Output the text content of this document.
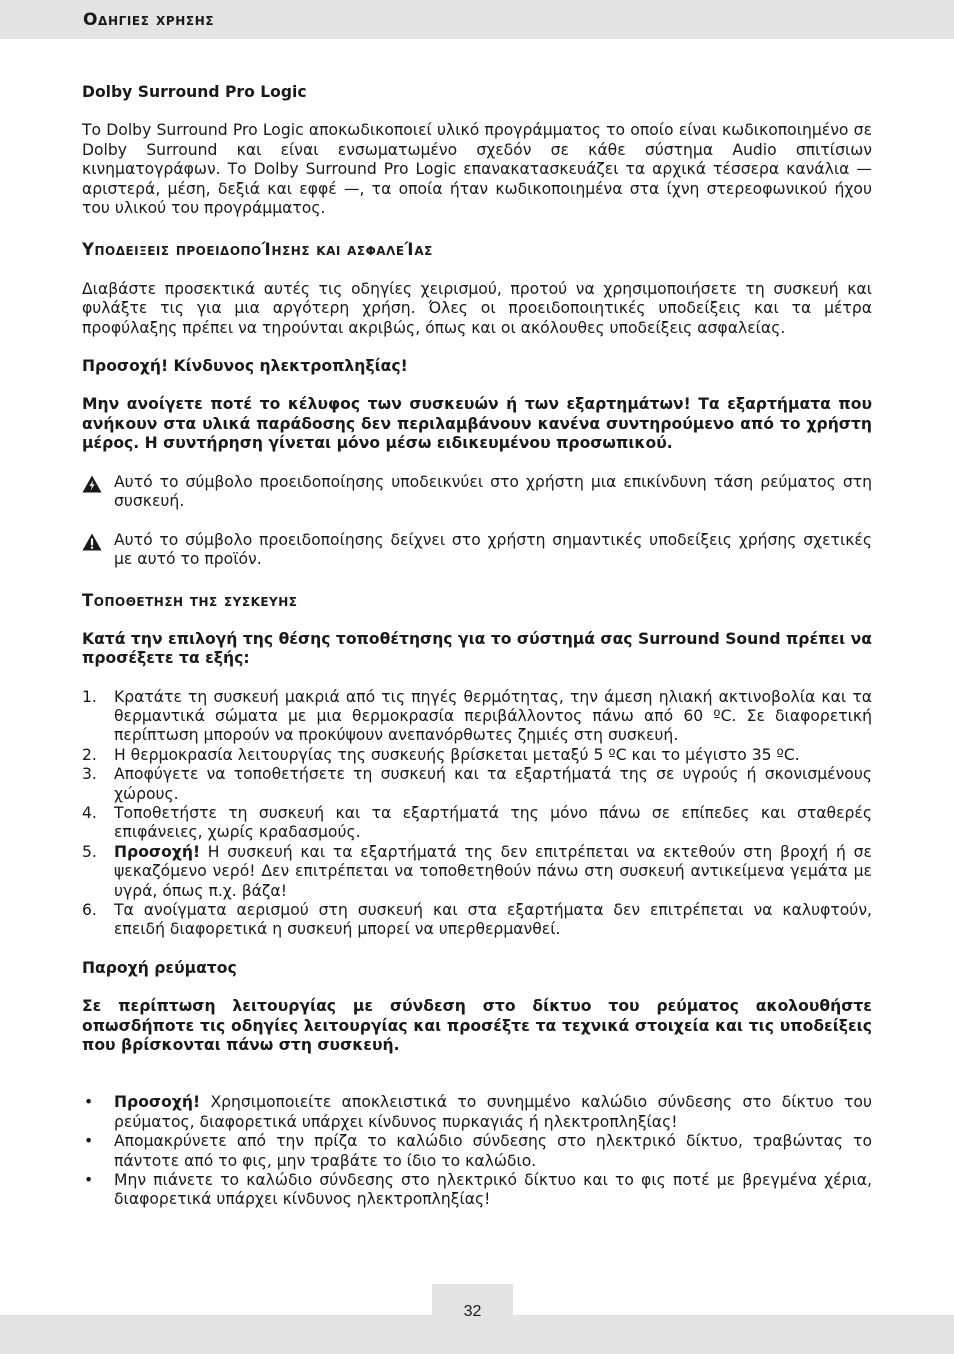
Οδηγιες χρησης

Dolby Surround Pro Logic

Το Dolby Surround Pro Logic αποκωδικοποιεί υλικό προγράμματος το οποίο είναι κωδικοποιημένο σε Dolby Surround και είναι ενσωματωμένο σχεδόν σε κάθε σύστημα Audio σπιτίσιων κινηματογράφων. Το Dolby Surround Pro Logic επανακατασκευάζει τα αρχικά τέσσερα κανάλια — αριστερά, μέση, δεξιά και εφφέ —, τα οποία ήταν κωδικοποιημένα στα ίχνη στερεοφωνικού ήχου του υλικού του προγράμματος.

Υποδειξεις προειδοποΊησης και ασφαλεΊας

Διαβάστε προσεκτικά αυτές τις οδηγίες χειρισμού, προτού να χρησιμοποιήσετε τη συσκευή και φυλάξτε τις για μια αργότερη χρήση. Όλες οι προειδοποιητικές υποδείξεις και τα μέτρα προφύλαξης πρέπει να τηρούνται ακριβώς, όπως και οι ακόλουθες υποδείξεις ασφαλείας.

Προσοχή! Κίνδυνος ηλεκτροπληξίας!

Μην ανοίγετε ποτέ το κέλυφος των συσκευών ή των εξαρτημάτων! Τα εξαρτήματα που ανήκουν στα υλικά παράδοσης δεν περιλαμβάνουν κανένα συντηρούμενο από το χρήστη μέρος. Η συντήρηση γίνεται μόνο μέσω ειδικευμένου προσωπικού.

Αυτό το σύμβολο προειδοποίησης υποδεικνύει στο χρήστη μια επικίνδυνη τάση ρεύματος στη συσκευή.
Αυτό το σύμβολο προειδοποίησης δείχνει στο χρήστη σημαντικές υποδείξεις χρήσης σχετικές με αυτό το προϊόν.
Τοποθετηση της συσκευης

Κατά την επιλογή της θέσης τοποθέτησης για το σύστημά σας Surround Sound πρέπει να προσέξετε τα εξής:

1.	Κρατάτε τη συσκευή μακριά από τις πηγές θερμότητας, την άμεση ηλιακή ακτινοβολία και τα θερμαντικά σώματα με μια θερμοκρασία περιβάλλοντος πάνω από 60 ºC. Σε διαφορετική περίπτωση μπορούν να προκύψουν ανεπανόρθωτες ζημιές στη συσκευή.
2.	Η θερμοκρασία λειτουργίας της συσκευής βρίσκεται μεταξύ 5 ºC και το μέγιστο 35 ºC.
3.	Αποφύγετε να τοποθετήσετε τη συσκευή και τα εξαρτήματά της σε υγρούς ή σκονισμένους χώρους.
4.	Τοποθετήστε τη συσκευή και τα εξαρτήματά της μόνο πάνω σε επίπεδες και σταθερές επιφάνειες, χωρίς κραδασμούς.
5.	Προσοχή! Η συσκευή και τα εξαρτήματά της δεν επιτρέπεται να εκτεθούν στη βροχή ή σε ψεκαζόμενο νερό! Δεν επιτρέπεται να τοποθετηθούν πάνω στη συσκευή αντικείμενα γεμάτα με υγρά, όπως π.χ. βάζα!
6.	Τα ανοίγματα αερισμού στη συσκευή και στα εξαρτήματα δεν επιτρέπεται να καλυφτούν, επειδή διαφορετικά η συσκευή μπορεί να υπερθερμανθεί.

Παροχή ρεύματος

Σε περίπτωση λειτουργίας με σύνδεση στο δίκτυο του ρεύματος ακολουθήστε οπωσδήποτε τις οδηγίες λειτουργίας και προσέξτε τα τεχνικά στοιχεία και τις υποδείξεις που βρίσκονται πάνω στη συσκευή.

•	Προσοχή! Χρησιμοποιείτε αποκλειστικά το συνημμένο καλώδιο σύνδεσης στο δίκτυο του ρεύματος, διαφορετικά υπάρχει κίνδυνος πυρκαγιάς ή ηλεκτροπληξίας!
•	Απομακρύνετε από την πρίζα το καλώδιο σύνδεσης στο ηλεκτρικό δίκτυο, τραβώντας το πάντοτε από το φις, μην τραβάτε το ίδιο το καλώδιο.
•	Μην πιάνετε το καλώδιο σύνδεσης στο ηλεκτρικό δίκτυο και το φις ποτέ με βρεγμένα χέρια, διαφορετικά υπάρχει κίνδυνος ηλεκτροπληξίας!
32
